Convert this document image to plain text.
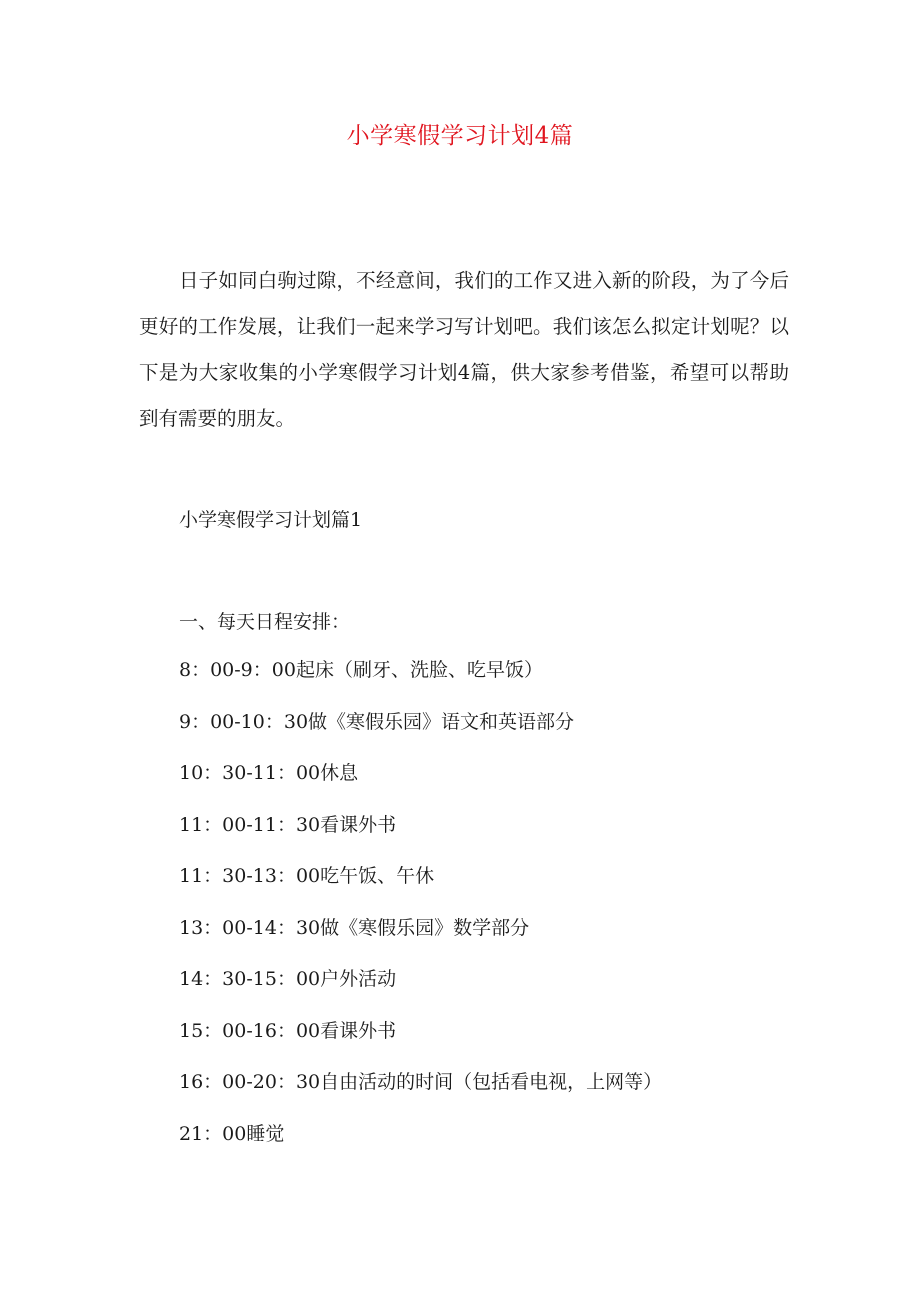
小学寒假学习计划4篇

日子如同白驹过隙，不经意间，我们的工作又进入新的阶段，为了今后更好的工作发展，让我们一起来学习写计划吧。我们该怎么拟定计划呢？以下是为大家收集的小学寒假学习计划4篇，供大家参考借鉴，希望可以帮助到有需要的朋友。

小学寒假学习计划篇1

一、每天日程安排：

8：00-9：00起床（刷牙、洗脸、吃早饭）
9：00-10：30做《寒假乐园》语文和英语部分
10：30-11：00休息
11：00-11：30看课外书
11：30-13：00吃午饭、午休
13：00-14：30做《寒假乐园》数学部分
14：30-15：00户外活动
15：00-16：00看课外书
16：00-20：30自由活动的时间（包括看电视，上网等）
21：00睡觉
